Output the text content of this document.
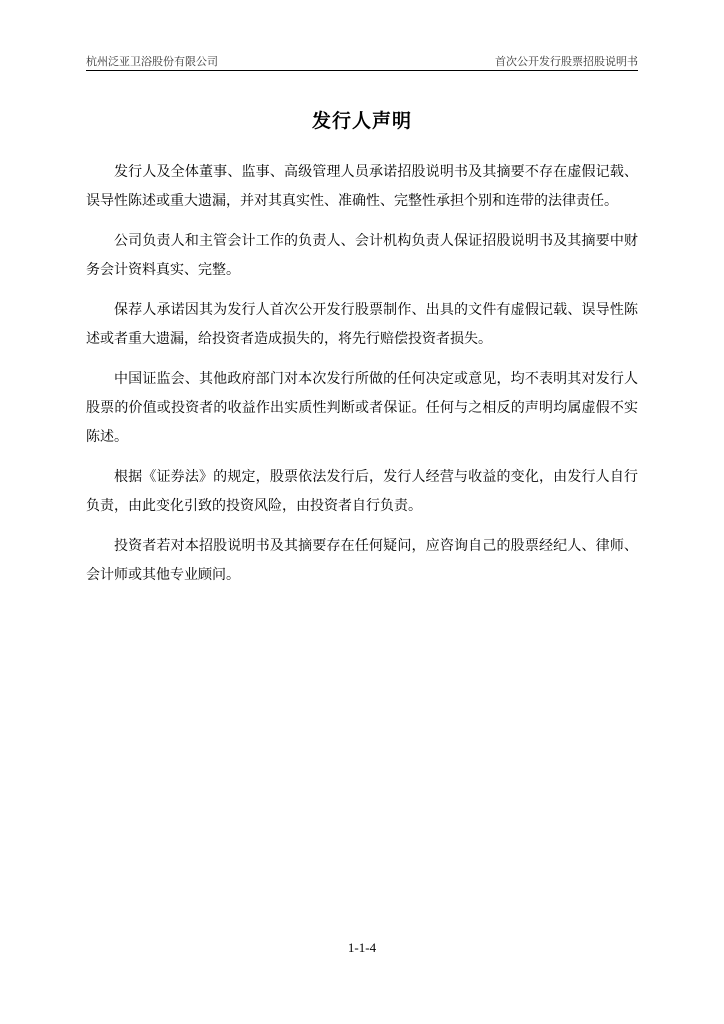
杭州泛亚卫浴股份有限公司	首次公开发行股票招股说明书
发行人声明

发行人及全体董事、监事、高级管理人员承诺招股说明书及其摘要不存在虚假记载、误导性陈述或重大遗漏，并对其真实性、准确性、完整性承担个别和连带的法律责任。

公司负责人和主管会计工作的负责人、会计机构负责人保证招股说明书及其摘要中财务会计资料真实、完整。

保荐人承诺因其为发行人首次公开发行股票制作、出具的文件有虚假记载、误导性陈述或者重大遗漏，给投资者造成损失的，将先行赔偿投资者损失。

中国证监会、其他政府部门对本次发行所做的任何决定或意见，均不表明其对发行人股票的价值或投资者的收益作出实质性判断或者保证。任何与之相反的声明均属虚假不实陈述。

根据《证券法》的规定，股票依法发行后，发行人经营与收益的变化，由发行人自行负责，由此变化引致的投资风险，由投资者自行负责。

投资者若对本招股说明书及其摘要存在任何疑问，应咨询自己的股票经纪人、律师、会计师或其他专业顾问。

1-1-4
